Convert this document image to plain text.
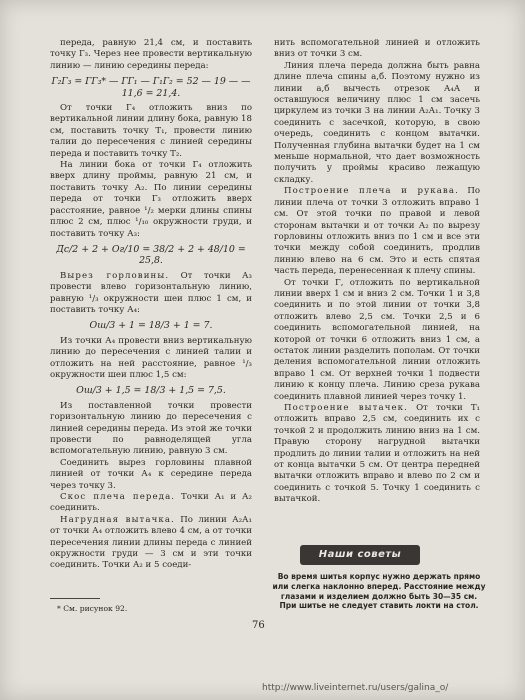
передa, равную 21,4 см, и поставить точку Г₃. Через нее провести вертикальную линию — линию середины переда:

Г₂Г₃ = ГГ₃* — ГГ₁ — Г₁Г₂ = 52 — 19 — — 11,6 = 21,4.

От точки Г₄ отложить вниз по вертикальной линии длину бока, равную 18 см, поставить точку Т₁, провести линию талии до пересечения с линией середины переда и поставить точку Т₂.

На линии бока от точки Г₄ отложить вверх длину проймы, равную 21 см, и поставить точку А₂. По линии середины переда от точки Г₃ отложить вверх расстояние, равное ¹/₂ мерки длины спины плюс 2 см, плюс ¹/₁₀ окружности груди, и поставить точку А₃:

Дс/2 + 2 + Ог/10 = 38/2 + 2 + 48/10 = 25,8.

Вырез горловины. От точки А₃ провести влево горизонтальную линию, равную ¹/₃ окружности шеи плюс 1 см, и поставить точку А₄:

Ош/3 + 1 = 18/3 + 1 = 7.

Из точки А₄ провести вниз вертикальную линию до пересечения с линией талии и отложить на ней расстояние, равное ¹/₃ окружности шеи плюс 1,5 см:

Ош/3 + 1,5 = 18/3 + 1,5 = 7,5.

Из поставленной точки провести горизонтальную линию до пересечения с линией середины переда. Из этой же точки провести по равноделящей угла вспомогательную линию, равную 3 см.

Соединить вырез горловины плавной линией от точки А₄ к середине переда через точку 3.

Скос плеча переда. Точки А₁ и А₂ соединить.

Нагрудная вытачка. По линии А₂А₁ от точки А₄ отложить влево 4 см, а от точки пересечения линии длины переда с линией окружности груди — 3 см и эти точки соединить. Точки А₂ и 5 соеди-

нить вспомогательной линией и отложить вниз от точки 3 см.

Линия плеча переда должна быть равна длине плеча спины а,б. Поэтому нужно из линии а,б вычесть отрезок А₄А и оставшуюся величину плюс 1 см засечь циркулем из точки 3 на линии А₂А₁. Точку 3 соединить с засечкой, которую, в свою очередь, соединить с концом вытачки. Полученная глубина вытачки будет на 1 см меньше нормальной, что дает возможность получить у проймы красиво лежащую складку.

Построение плеча и рукава. По линии плеча от точки 3 отложить вправо 1 см. От этой точки по правой и левой сторонам вытачки и от точки А₂ по вырезу горловины отложить вниз по 1 см и все эти точки между собой соединить, продлив линию влево на 6 см. Это и есть спятая часть переда, перенесенная к плечу спины.

От точки Г, отложить по вертикальной линии вверх 1 см и вниз 2 см. Точки 1 и 3,8 соединить и по этой линии от точки 3,8 отложить влево 2,5 см. Точки 2,5 и 6 соединить вспомогательной линией, на которой от точки 6 отложить вниз 1 см, а остаток линии разделить пополам. От точки деления вспомогательной линии отложить вправо 1 см. От верхней точки 1 подвести линию к концу плеча. Линию среза рукава соединить плавной линией через точку 1.

Построение вытачек. От точки Т₁ отложить вправо 2,5 см, соединить их с точкой 2 и продолжить линию вниз на 1 см. Правую сторону нагрудной вытачки продлить до линии талии и отложить на ней от конца вытачки 5 см. От центра передней вытачки отложить вправо и влево по 2 см и соединить с точкой 5. Точку 1 соединить с вытачкой.

Наши советы
Во время шитья корпус нужно держать прямо или слегка наклонно вперед. Расстояние между глазами и изделием должно быть 30—35 см. При шитье не следует ставить локти на стол.
* См. рисунок 92.
76
http://www.liveinternet.ru/users/galina_o/
